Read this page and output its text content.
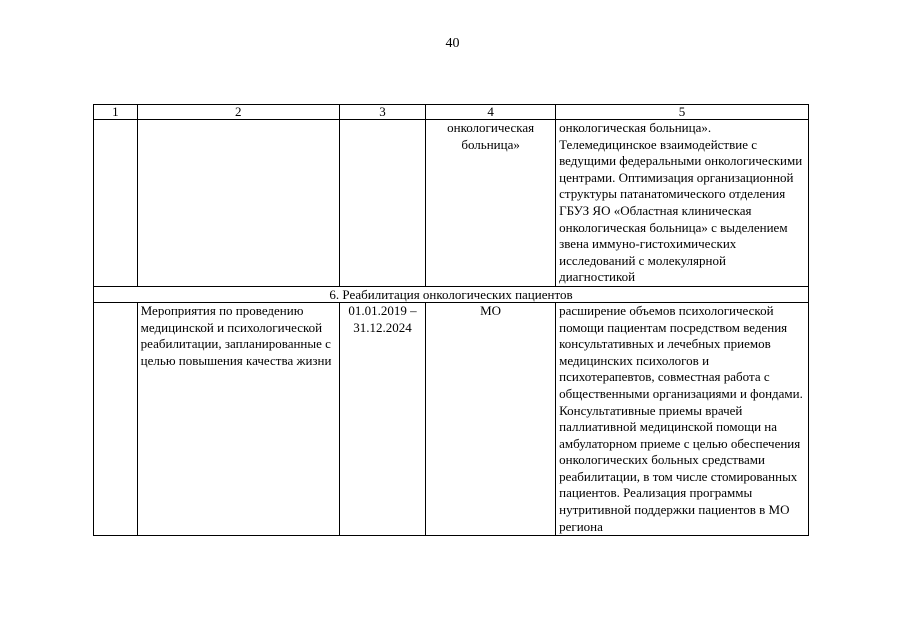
40
1	2	3	4	5
			онкологическая больница»	онкологическая больница». Телемедицинское взаимодействие с ведущими федеральными онкологическими центрами. Оптимизация организационной структуры патанатомического отделения ГБУЗ ЯО «Областная клиническая онкологическая больница» с выделением звена иммуно-гистохимических исследований с молекулярной диагностикой
6. Реабилитация онкологических пациентов				
	Мероприятия по проведению медицинской и психологической реабилитации, запланированные с целью повышения качества жизни	01.01.2019 – 31.12.2024	МО	расширение объемов психологической помощи пациентам посредством ведения консультативных и лечебных приемов медицинских психологов и психотерапевтов, совместная работа с общественными организациями и фондами. Консультативные приемы врачей паллиативной медицинской помощи на амбулаторном приеме с целью обеспечения онкологических больных средствами реабилитации, в том числе стомированных пациентов. Реализация программы нутритивной поддержки пациентов в МО региона
